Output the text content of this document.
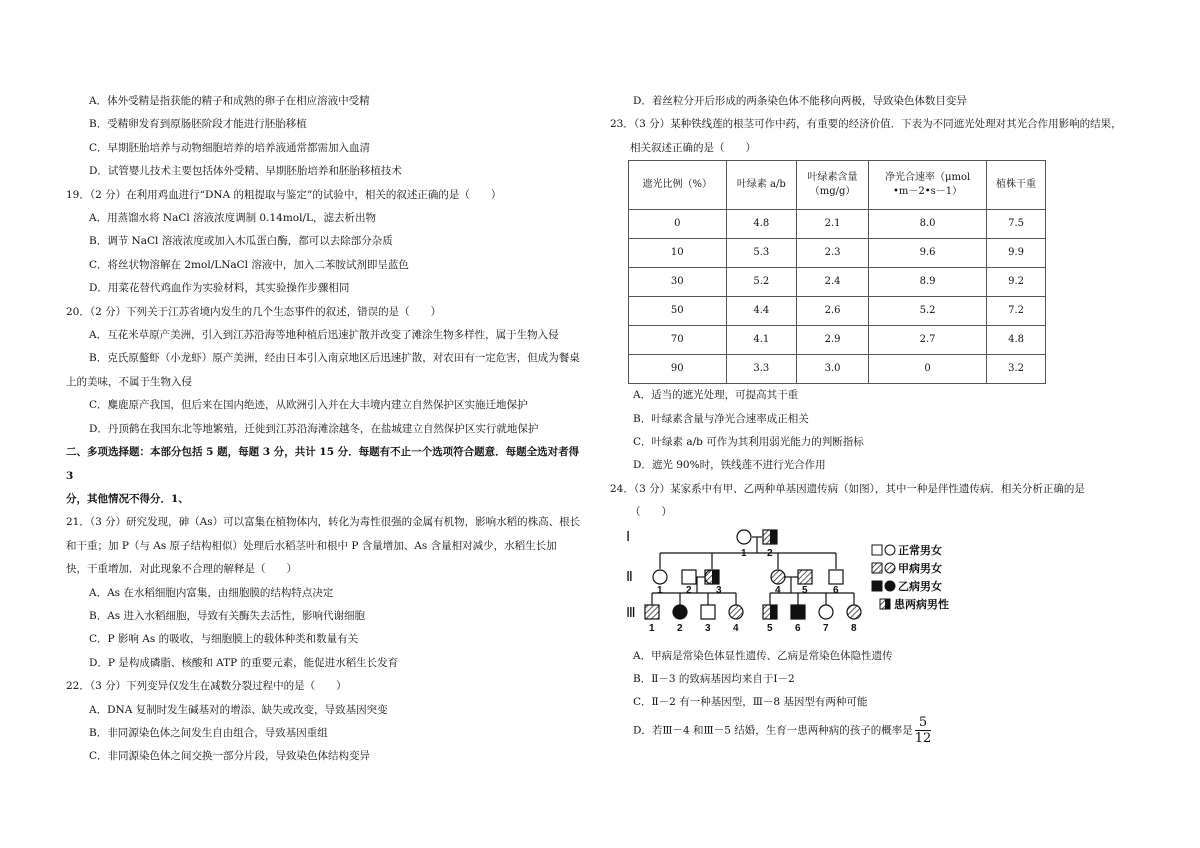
A．体外受精是指获能的精子和成熟的卵子在相应溶液中受精

B．受精卵发育到原肠胚阶段才能进行胚胎移植

C．早期胚胎培养与动物细胞培养的培养液通常都需加入血清

D．试管婴儿技术主要包括体外受精、早期胚胎培养和胚胎移植技术

19．（2 分）在利用鸡血进行“DNA 的粗提取与鉴定”的试验中，相关的叙述正确的是（　　）

A．用蒸馏水将 NaCl 溶液浓度调制 0.14mol/L，滤去析出物

B．调节 NaCl 溶液浓度或加入木瓜蛋白酶，都可以去除部分杂质

C．将丝状物溶解在 2mol/LNaCl 溶液中，加入二苯胺试剂即呈蓝色

D．用菜花替代鸡血作为实验材料，其实验操作步骤相同

20．（2 分）下列关于江苏省境内发生的几个生态事件的叙述，错误的是（　　）

A．互花米草原产美洲，引入到江苏沿海等地种植后迅速扩散并改变了滩涂生物多样性，属于生物入侵

B．克氏原螯虾（小龙虾）原产美洲，经由日本引入南京地区后迅速扩散，对农田有一定危害，但成为餐桌

上的美味，不属于生物入侵

C．麋鹿原产我国，但后来在国内绝迹，从欧洲引入并在大丰境内建立自然保护区实施迁地保护

D．丹顶鹤在我国东北等地繁殖，迁徙到江苏沿海滩涂越冬，在盐城建立自然保护区实行就地保护

二、多项选择题：本部分包括 5 题，每题 3 分，共计 15 分．每题有不止一个选项符合题意．每题全选对者得 3

分，其他情况不得分．1、

21．（3 分）研究发现，砷（As）可以富集在植物体内，转化为毒性很强的金属有机物，影响水稻的株高、根长

和干重；加 P（与 As 原子结构相似）处理后水稻茎叶和根中 P 含量增加、As 含量相对减少，水稻生长加

快，干重增加．对此现象不合理的解释是（　　）

A．As 在水稻细胞内富集，由细胞膜的结构特点决定

B．As 进入水稻细胞，导致有关酶失去活性，影响代谢细胞

C．P 影响 As 的吸收，与细胞膜上的载体种类和数量有关

D．P 是构成磷脂、核酸和 ATP 的重要元素，能促进水稻生长发育

22．（3 分）下列变异仅发生在减数分裂过程中的是（　　）

A．DNA 复制时发生碱基对的增添、缺失或改变，导致基因突变

B．非同源染色体之间发生自由组合，导致基因重组

C．非同源染色体之间交换一部分片段，导致染色体结构变异

D．着丝粒分开后形成的两条染色体不能移向两极，导致染色体数目变异

23．（3 分）某种铁线莲的根茎可作中药，有重要的经济价值．下表为不同遮光处理对其光合作用影响的结果，

相关叙述正确的是（　　）

遮光比例（%）	叶绿素 a/b	叶绿素含量
（mg/g）	净光合速率（μmol
•m－2•s－1）	植株干重
0	4.8	2.1	8.0	7.5
10	5.3	2.3	9.6	9.9
30	5.2	2.4	8.9	9.2
50	4.4	2.6	5.2	7.2
70	4.1	2.9	2.7	4.8
90	3.3	3.0	0	3.2

A．适当的遮光处理，可提高其干重

B．叶绿素含量与净光合速率成正相关

C．叶绿素 a/b 可作为其利用弱光能力的判断指标

D．遮光 90%时，铁线莲不进行光合作用

24．（3 分）某家系中有甲、乙两种单基因遗传病（如图），其中一种是伴性遗传病．相关分析正确的是

（　　）

Ⅰ
Ⅱ
Ⅲ
1 2
1 2 3	4 5	6
1 2 3 4	5 6 7 8
正常男女
甲病男女
乙病男女
患两病男性

A．甲病是常染色体显性遗传、乙病是常染色体隐性遗传

B．Ⅱ－3 的致病基因均来自于Ⅰ－2

C．Ⅱ－2 有一种基因型，Ⅲ－8 基因型有两种可能

D．若Ⅲ－4 和Ⅲ－5 结婚，生育一患两种病的孩子的概率是 $\frac{5}{12}$
